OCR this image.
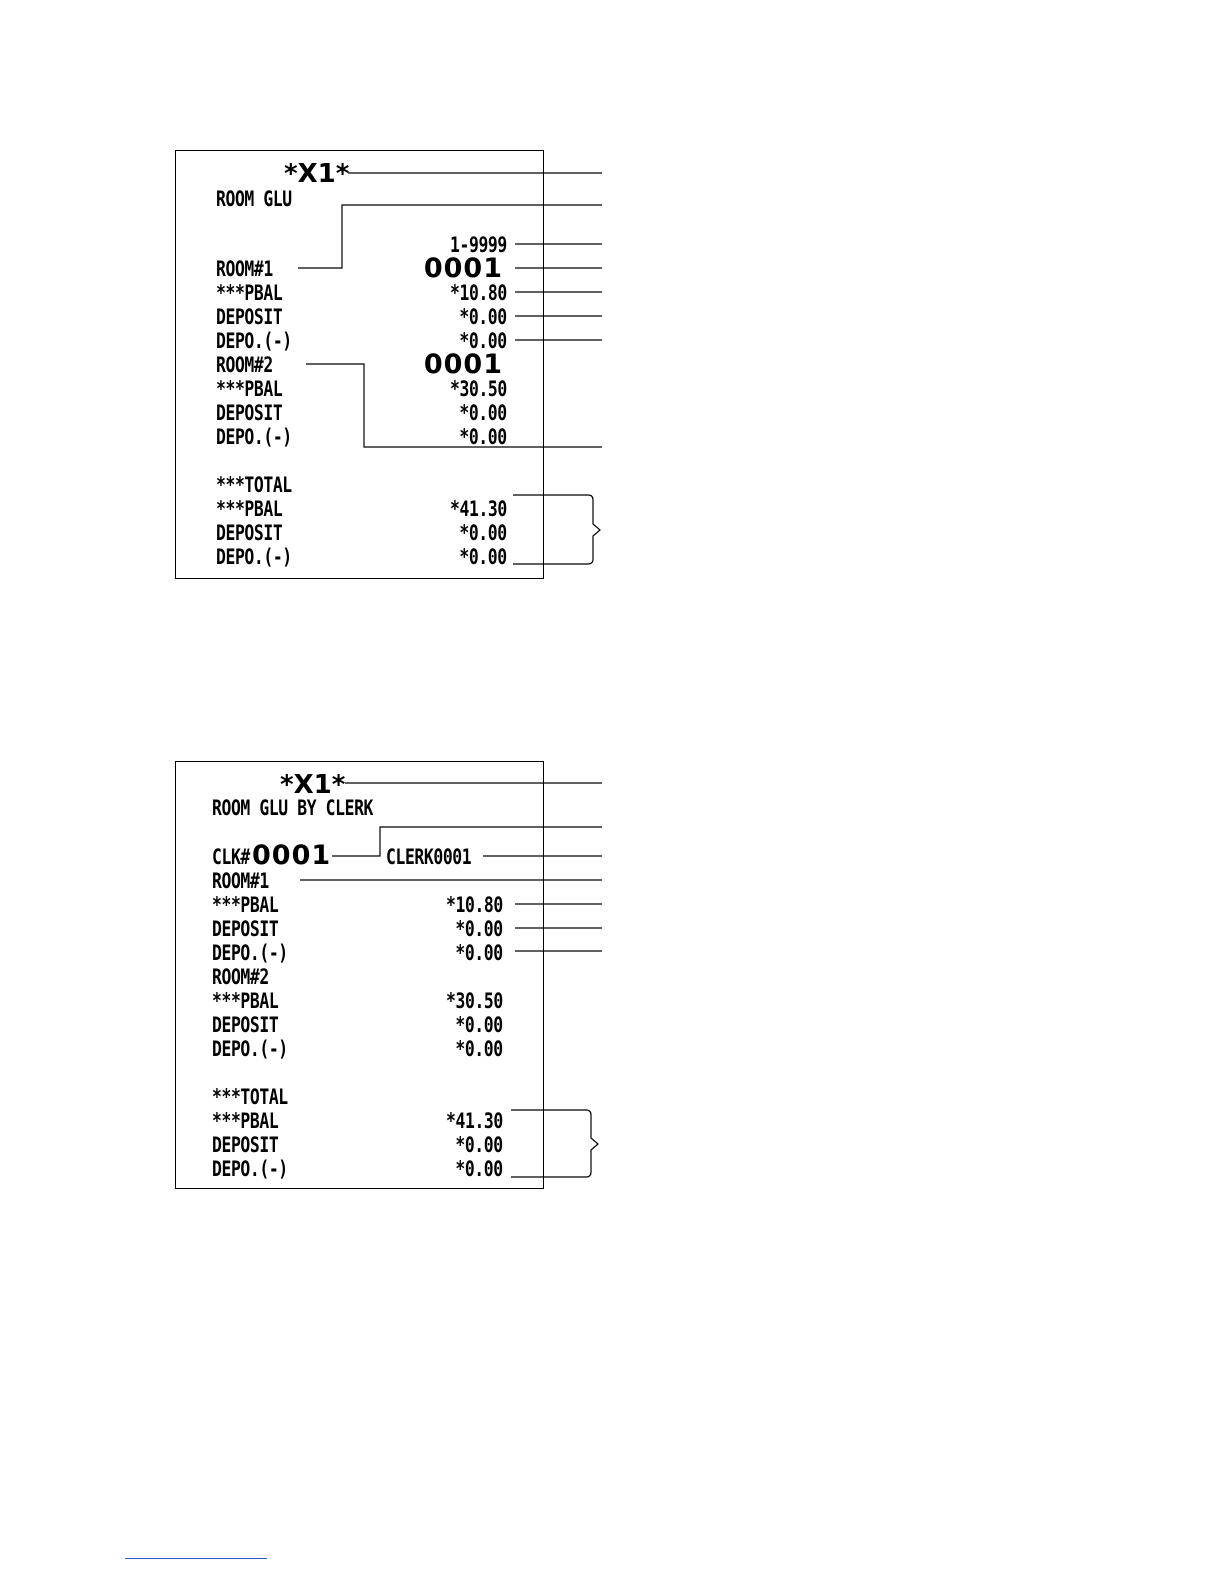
*X1*
ROOM GLU
1-9999
ROOM#1	0001
***PBAL	*10.80
DEPOSIT	*0.00
DEPO.(-)	*0.00
ROOM#2	0001
***PBAL	*30.50
DEPOSIT	*0.00
DEPO.(-)	*0.00
***TOTAL
***PBAL	*41.30
DEPOSIT	*0.00
DEPO.(-)	*0.00
*X1*
ROOM GLU BY CLERK
CLK# 0001	CLERK0001
ROOM#1
***PBAL	*10.80
DEPOSIT	*0.00
DEPO.(-)	*0.00
ROOM#2
***PBAL	*30.50
DEPOSIT	*0.00
DEPO.(-)	*0.00
***TOTAL
***PBAL	*41.30
DEPOSIT	*0.00
DEPO.(-)	*0.00
